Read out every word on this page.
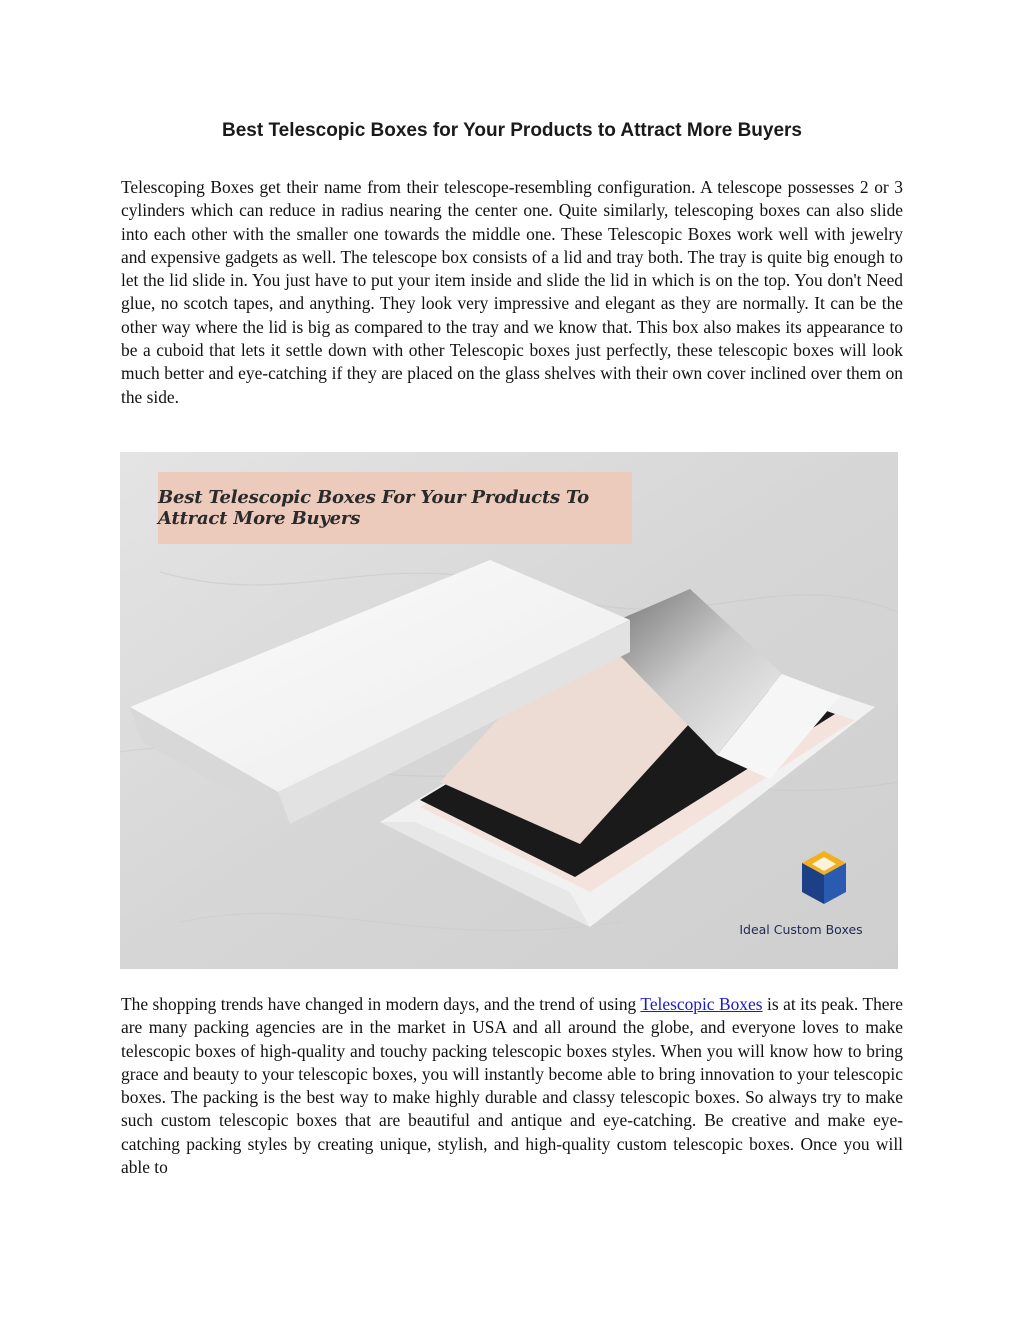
Best Telescopic Boxes for Your Products to Attract More Buyers

Telescoping Boxes get their name from their telescope-resembling configuration. A telescope possesses 2 or 3 cylinders which can reduce in radius nearing the center one. Quite similarly, telescoping boxes can also slide into each other with the smaller one towards the middle one. These Telescopic Boxes work well with jewelry and expensive gadgets as well. The telescope box consists of a lid and tray both. The tray is quite big enough to let the lid slide in. You just have to put your item inside and slide the lid in which is on the top. You don't Need glue, no scotch tapes, and anything. They look very impressive and elegant as they are normally. It can be the other way where the lid is big as compared to the tray and we know that. This box also makes its appearance to be a cuboid that lets it settle down with other Telescopic boxes just perfectly, these telescopic boxes will look much better and eye-catching if they are placed on the glass shelves with their own cover inclined over them on the side.

Best Telescopic Boxes For Your Products To Attract More Buyers
Ideal Custom Boxes

The shopping trends have changed in modern days, and the trend of using Telescopic Boxes is at its peak. There are many packing agencies are in the market in USA and all around the globe, and everyone loves to make telescopic boxes of high-quality and touchy packing telescopic boxes styles. When you will know how to bring grace and beauty to your telescopic boxes, you will instantly become able to bring innovation to your telescopic boxes. The packing is the best way to make highly durable and classy telescopic boxes. So always try to make such custom telescopic boxes that are beautiful and antique and eye-catching. Be creative and make eye-catching packing styles by creating unique, stylish, and high-quality custom telescopic boxes. Once you will able to
